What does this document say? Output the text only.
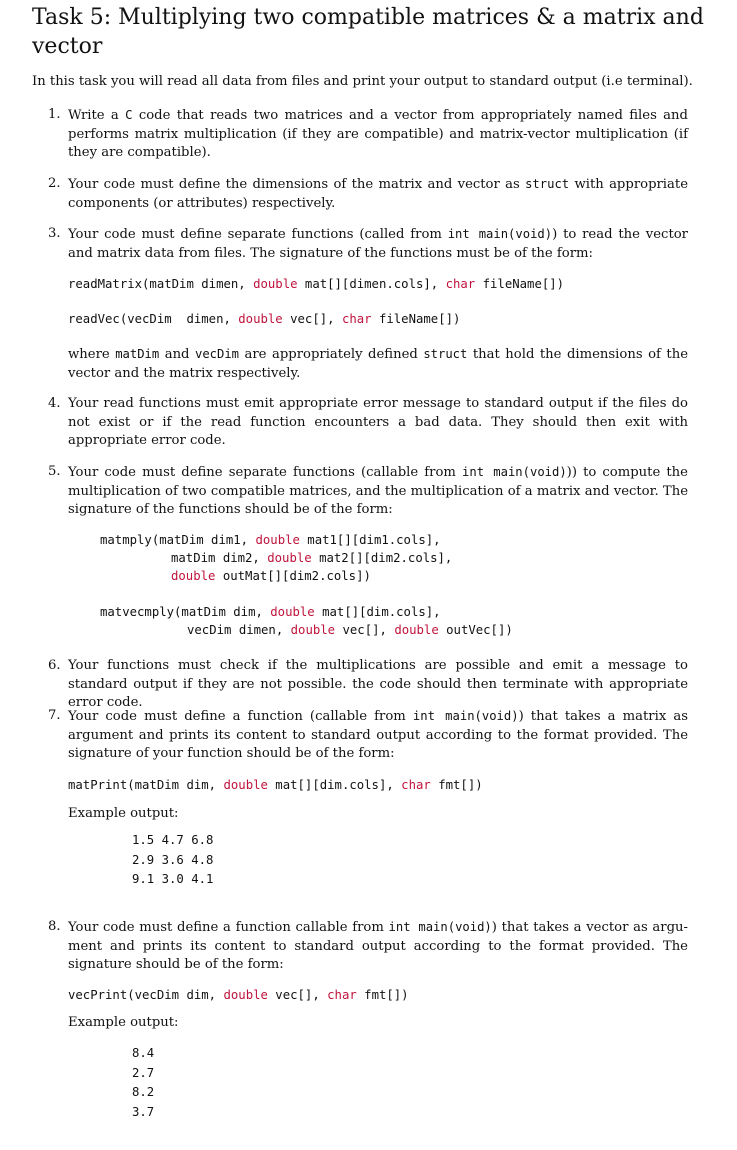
Task 5: Multiplying two compatible matrices & a matrix and vector

In this task you will read all data from files and print your output to standard output (i.e terminal).

1. Write a C code that reads two matrices and a vector from appropriately named files and performs matrix multiplication (if they are compatible) and matrix-vector multiplication (if they are compatible).
2. Your code must define the dimensions of the matrix and vector as struct with appropriate components (or attributes) respectively.
3. Your code must define separate functions (called from int main(void)) to read the vector and matrix data from files. The signature of the functions must be of the form:
readMatrix(matDim dimen, double mat[][dimen.cols], char fileName[])
readVec(vecDim  dimen, double vec[], char fileName[])
where matDim and vecDim are appropriately defined struct that hold the dimensions of the vector and the matrix respectively.
4. Your read functions must emit appropriate error message to standard output if the files do not exist or if the read function encounters a bad data. They should then exit with appropriate error code.
5. Your code must define separate functions (callable from int main(void))) to compute the multiplication of two compatible matrices, and the multiplication of a matrix and vector. The signature of the functions should be of the form:
matmply(matDim dim1, double mat1[][dim1.cols],
matDim dim2, double mat2[][dim2.cols],
double outMat[][dim2.cols])
matvecmply(matDim dim, double mat[][dim.cols],
vecDim dimen, double vec[], double outVec[])
6. Your functions must check if the multiplications are possible and emit a message to standard output if they are not possible. the code should then terminate with appropriate error code.
7. Your code must define a function (callable from int main(void)) that takes a matrix as argument and prints its content to standard output according to the format provided. The signature of your function should be of the form:
matPrint(matDim dim, double mat[][dim.cols], char fmt[])
Example output:
1.5 4.7 6.8
2.9 3.6 4.8
9.1 3.0 4.1
8. Your code must define a function callable from int main(void)) that takes a vector as argu- ment and prints its content to standard output according to the format provided. The signature should be of the form:
vecPrint(vecDim dim, double vec[], char fmt[])
Example output:
8.4
2.7
8.2
3.7
